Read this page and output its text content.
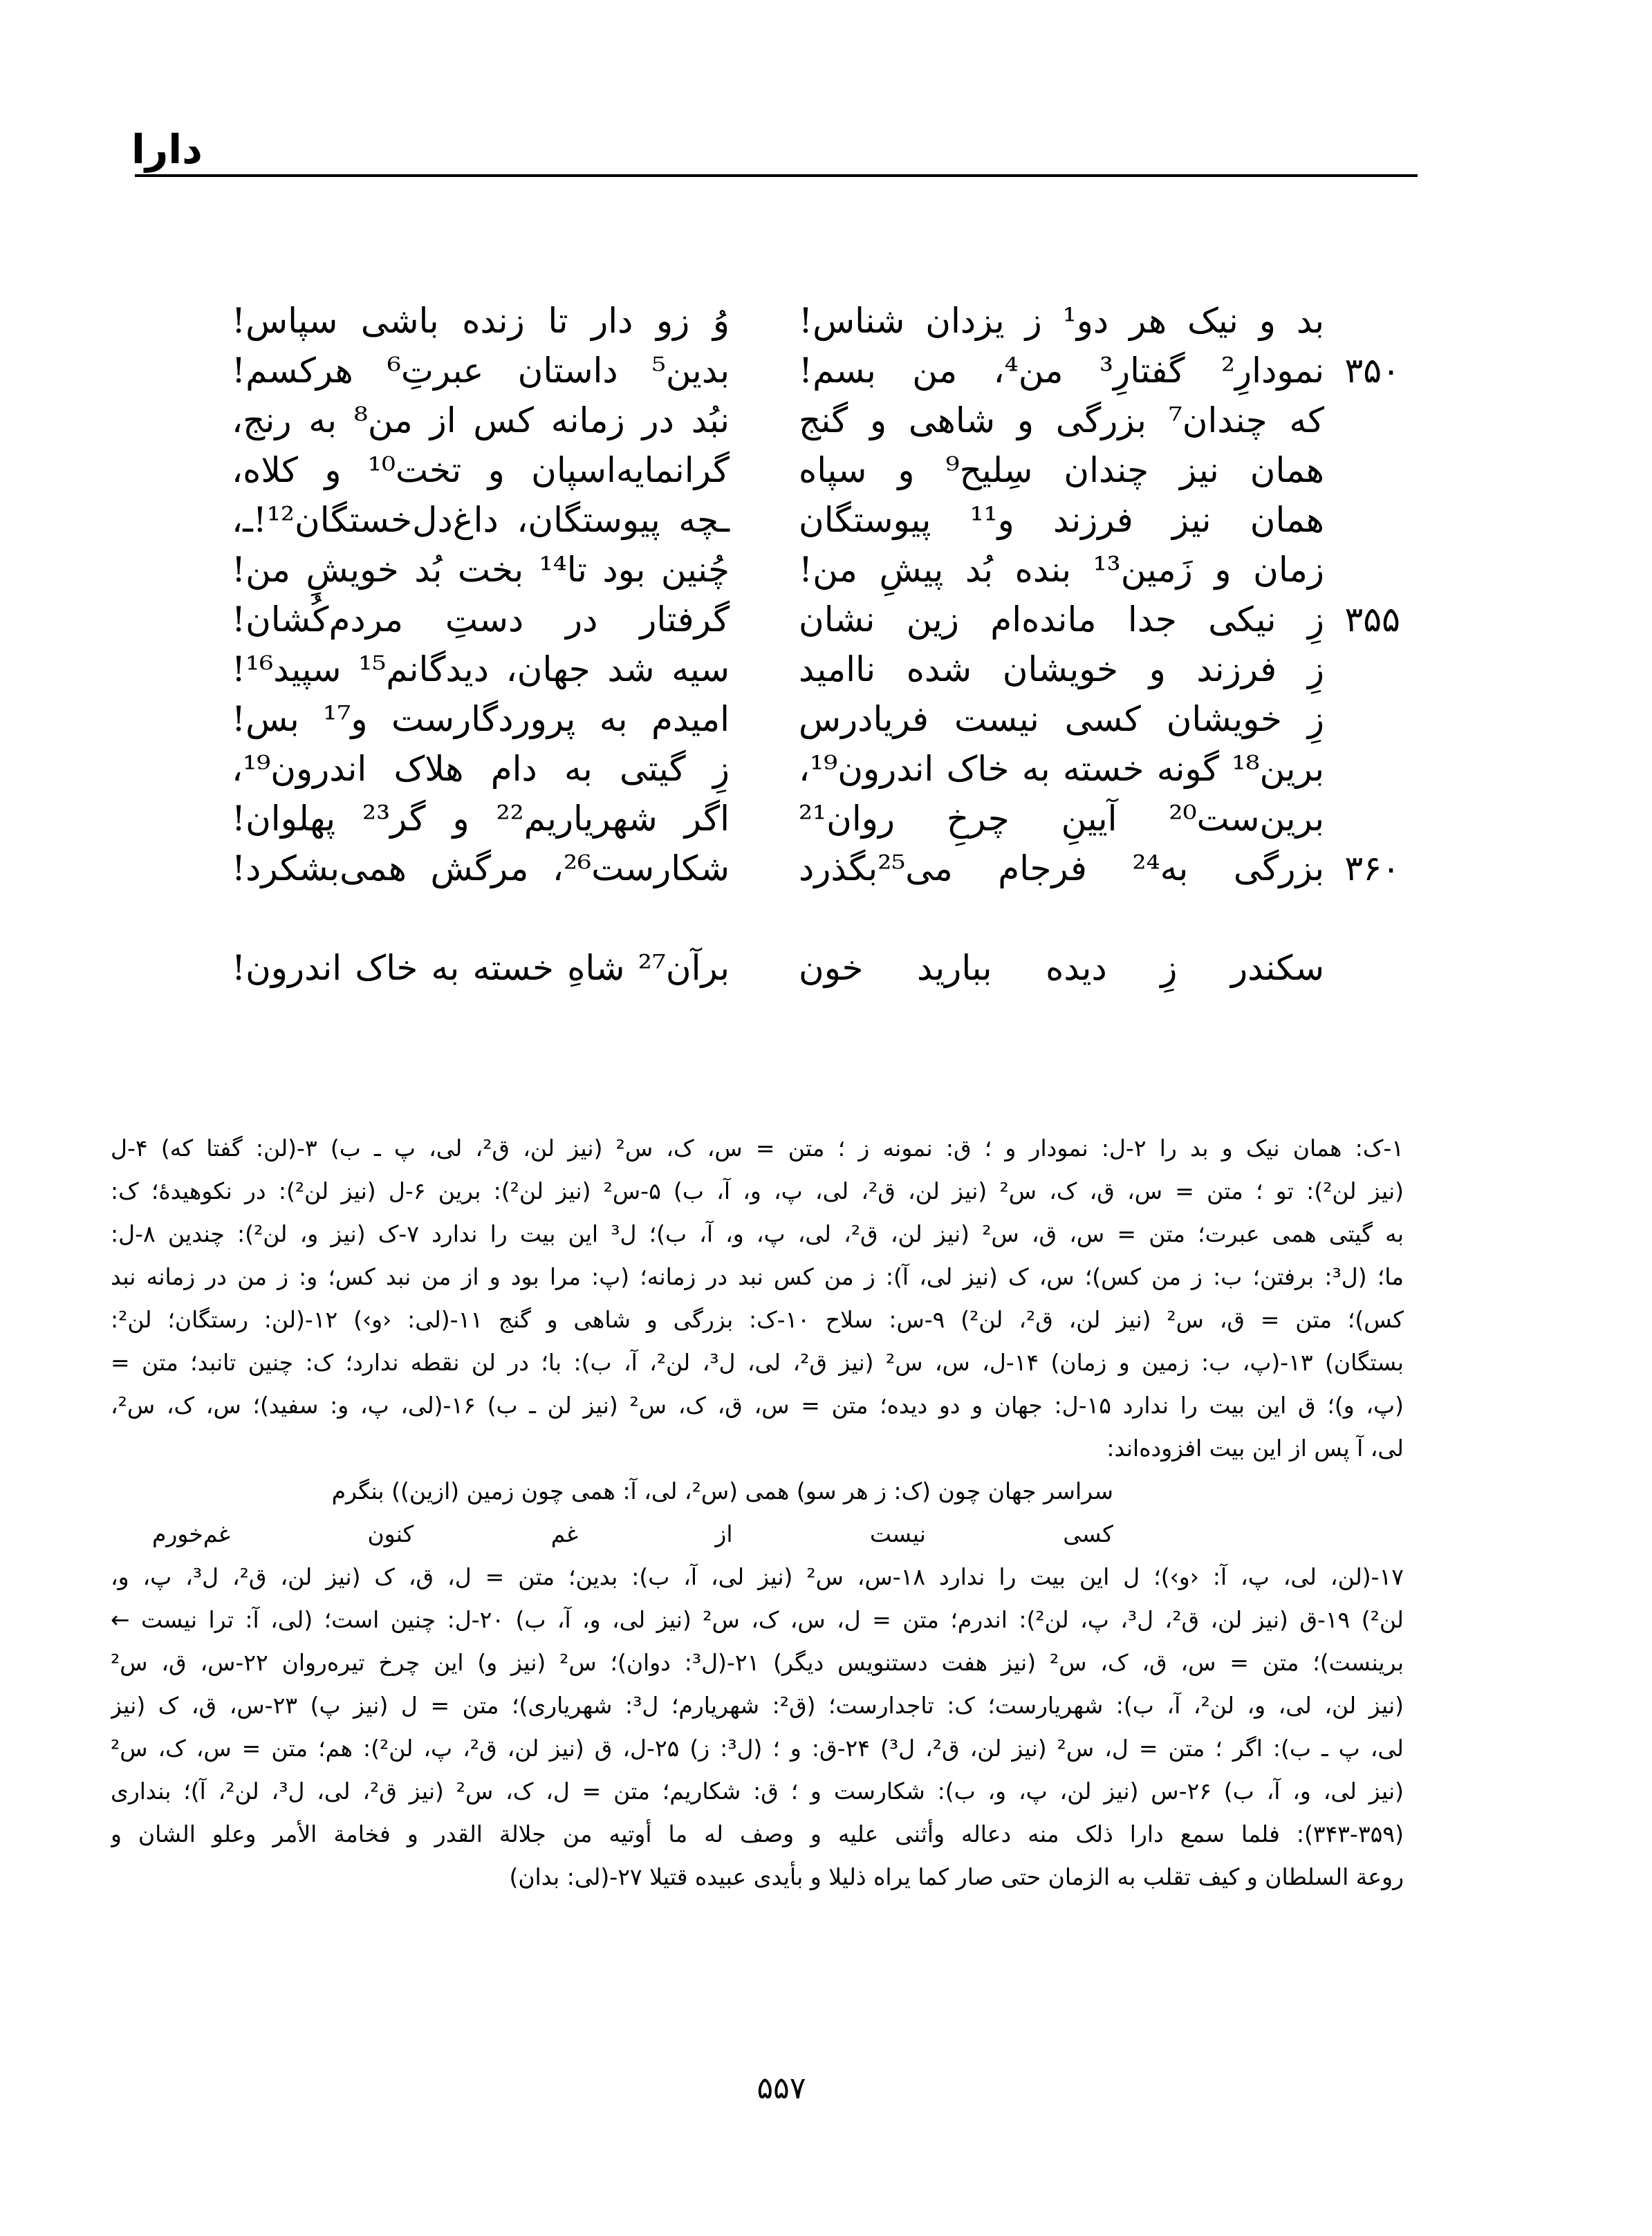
دارا
بد و نیک هر دو¹ ز یزدان شناس!
نمودارِ² گفتارِ³ من⁴، من بسم! ۳۵۰
که چندان⁷ بزرگی و شاهی و گنج
همان نیز چندان سِلیح⁹ و سپاه
همان نیز فرزند و¹¹ پیوستگان
زمان و زَمین¹³ بنده بُد پیشِ من!
زِ نیکی جدا مانده‌ام زین نشان ۳۵۵
زِ فرزند و خویشان شده ناامید
زِ خویشان کسی نیست فریادرس
برین¹⁸ گونه خسته به خاک اندرون¹⁹،
برین‌ست²⁰ آیینِ چرخِ روان²¹
بزرگی به²⁴ فرجام می²⁵بگذرد ۳۶۰
سکندر زِ دیده ببارید خون
وُ زو دار تا زنده باشی سپاس!
بدین⁵ داستان عبرتِ⁶ هرکسم!
نبُد در زمانه کس از من⁸ به رنج،
گرانمایه‌اسپان و تخت¹⁰ و کلاه،
ـچه پیوستگان، داغ‌دل‌خستگان¹²!ـ،
چُنین بود تا¹⁴ بخت بُد خویشِ من!
گرفتار در دستِ مردم‌کُشان!
سیه شد جهان، دیدگانم¹⁵ سپید¹⁶!
امیدم به پروردگارست و¹⁷ بس!
زِ گیتی به دام هلاک اندرون¹⁹،
اگر شهریاریم²² و گر²³ پهلوان!
شکارست²⁶، مرگش همی‌بشکرد!
برآن²⁷ شاهِ خسته به خاک اندرون!
۱-ک: همان نیک و بد را ۲-ل: نمودار و ؛ ق: نمونه ز ؛ متن = س، ک، س² (نیز لن، ق²، لی، پ ـ ب) ۳-(لن: گفتا که) ۴-ل
(نیز لن²): تو ؛ متن = س، ق، ک، س² (نیز لن، ق²، لی، پ، و، آ، ب) ۵-س² (نیز لن²): برین ۶-ل (نیز لن²): در نکوهیدهٔ؛ ک:
به گیتی همی عبرت؛ متن = س، ق، س² (نیز لن، ق²، لی، پ، و، آ، ب)؛ ل³ این بیت را ندارد ۷-ک (نیز و، لن²): چندین ۸-ل:
ما؛ (ل³: برفتن؛ ب: ز من کس)؛ س، ک (نیز لی، آ): ز من کس نبد در زمانه؛ (پ: مرا بود و از من نبد کس؛ و: ز من در زمانه نبد
کس)؛ متن = ق، س² (نیز لن، ق²، لن²) ۹-س: سلاح ۱۰-ک: بزرگی و شاهی و گنج ۱۱-(لی: ‹و›) ۱۲-(لن: رستگان؛ لن²:
بستگان) ۱۳-(پ، ب: زمین و زمان) ۱۴-ل، س، س² (نیز ق²، لی، ل³، لن²، آ، ب): با؛ در لن نقطه ندارد؛ ک: چنین تانبد؛ متن =
(پ، و)؛ ق این بیت را ندارد ۱۵-ل: جهان و دو دیده؛ متن = س، ق، ک، س² (نیز لن ـ ب) ۱۶-(لی، پ، و: سفید)؛ س، ک، س²،
لی، آ پس از این بیت افزوده‌اند:
سراسر جهان چون (ک: ز هر سو) همی (س²، لی، آ: همی چون زمین (ازین)) بنگرم
کسی نیست از غم کنون غم‌خورم
۱۷-(لن، لی، پ، آ: ‹و›)؛ ل این بیت را ندارد ۱۸-س، س² (نیز لی، آ، ب): بدین؛ متن = ل، ق، ک (نیز لن، ق²، ل³، پ، و،
لن²) ۱۹-ق (نیز لن، ق²، ل³، پ، لن²): اندرم؛ متن = ل، س، ک، س² (نیز لی، و، آ، ب) ۲۰-ل: چنین است؛ (لی، آ: ترا نیست ←
برینست)؛ متن = س، ق، ک، س² (نیز هفت دستنویس دیگر) ۲۱-(ل³: دوان)؛ س² (نیز و) این چرخ تیره‌روان ۲۲-س، ق، س²
(نیز لن، لی، و، لن²، آ، ب): شهریارست؛ ک: تاجدارست؛ (ق²: شهریارم؛ ل³: شهریاری)؛ متن = ل (نیز پ) ۲۳-س، ق، ک (نیز
لی، پ ـ ب): اگر ؛ متن = ل، س² (نیز لن، ق²، ل³) ۲۴-ق: و ؛ (ل³: ز) ۲۵-ل، ق (نیز لن، ق²، پ، لن²): هم؛ متن = س، ک، س²
(نیز لی، و، آ، ب) ۲۶-س (نیز لن، پ، و، ب): شکارست و ؛ ق: شکاریم؛ متن = ل، ک، س² (نیز ق²، لی، ل³، لن²، آ)؛ بنداری
(۳۴۳-۳۵۹): فلما سمع دارا ذلک منه دعاله وأثنی علیه و وصف له ما أوتیه من جلالة القدر و فخامة الأمر وعلو الشان و
روعة السلطان و کیف تقلب به الزمان حتی صار کما یراه ذلیلا و بأیدی عبیده قتیلا ۲۷-(لی: بدان)
۵۵۷
